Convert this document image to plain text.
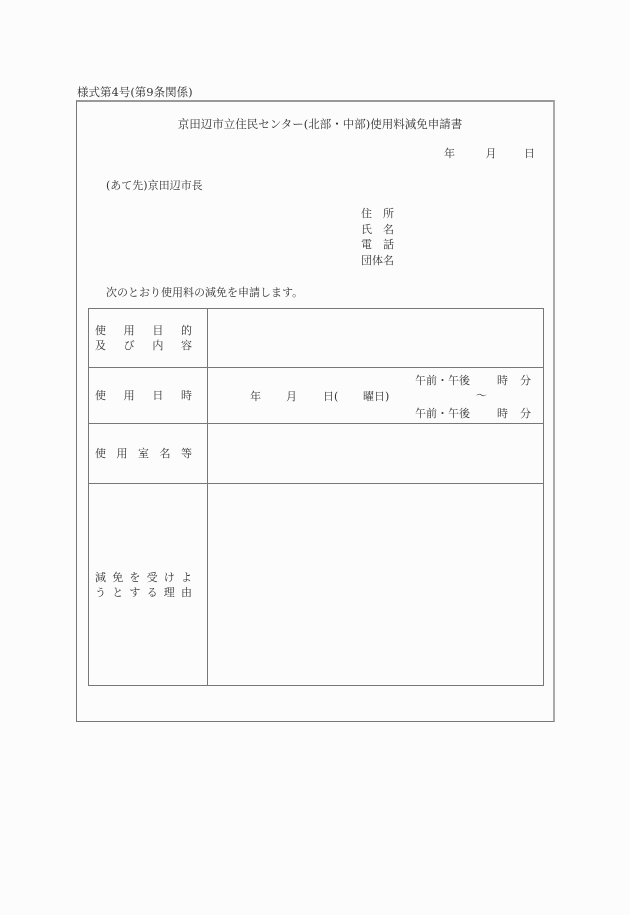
様式第4号(第9条関係)
京田辺市立住民センター(北部・中部)使用料減免申請書
年	月	日
(あて先)京田辺市長
住　所
氏　名
電　話
団体名
次のとおり使用料の減免を申請します。
使 用 目 的
及 び 内 容

使 用 日 時	年 月 日( 曜日)
午前・午後 時 分
〜
午前・午後 時 分

使 用 室 名 等	

減 免 を 受 け よ
う と す る 理 由
